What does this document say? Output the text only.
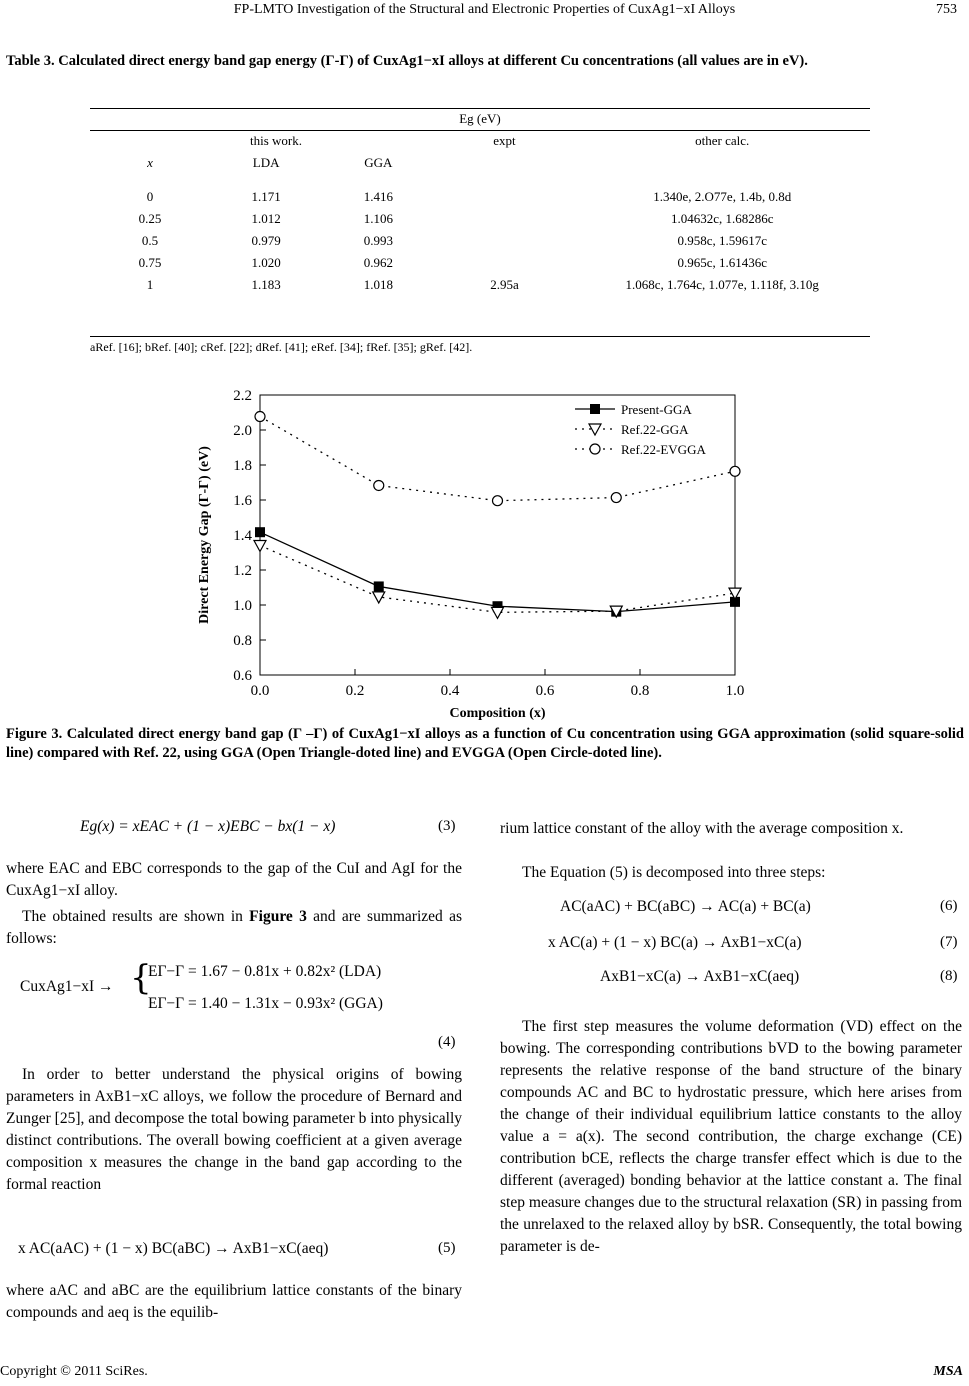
FP-LMTO Investigation of the Structural and Electronic Properties of CuxAg1−xI Alloys	753
Table 3. Calculated direct energy band gap energy (Γ-Γ) of CuxAg1−xI alloys at different Cu concentrations (all values are in eV).
Eg (eV)				
	this work.		expt	other calc.
x	LDA	GGA		

0	1.171	1.416		1.340e, 2.O77e, 1.4b, 0.8d
0.25	1.012	1.106		1.04632c, 1.68286c
0.5	0.979	0.993		0.958c, 1.59617c
0.75	1.020	0.962		0.965c, 1.61436c
1	1.183	1.018	2.95a	1.068c, 1.764c, 1.077e, 1.118f, 3.10g
aRef. [16]; bRef. [40]; cRef. [22]; dRef. [41]; eRef. [34]; fRef. [35]; gRef. [42].
0.0	0.2	0.4	0.6	0.8	1.0
0.6
0.8
1.0
1.2
1.4
1.6
1.8
2.0
2.2
Composition (x)
Direct Energy Gap (Γ-Γ) (eV)
Present-GGA
Ref.22-GGA
Ref.22-EVGGA
Figure 3. Calculated direct energy band gap (Γ –Γ) of CuxAg1−xI alloys as a function of Cu concentration using GGA approximation (solid square-solid line) compared with Ref. 22, using GGA (Open Triangle-doted line) and EVGGA (Open Circle-doted line).
Eg(x) = xEAC + (1 − x)EBC − bx(1 − x)	(3)
where EAC and EBC corresponds to the gap of the CuI and AgI for the CuxAg1−xI alloy.
The obtained results are shown in Figure 3 and are summarized as follows:
CuxAg1−xI → {
EΓ−Γ = 1.67 − 0.81x + 0.82x² (LDA)
EΓ−Γ = 1.40 − 1.31x − 0.93x² (GGA)
(4)
In order to better understand the physical origins of bowing parameters in AxB1−xC alloys, we follow the procedure of Bernard and Zunger [25], and decompose the total bowing parameter b into physically distinct contributions. The overall bowing coefficient at a given average composition x measures the change in the band gap according to the formal reaction
x AC(aAC) + (1 − x) BC(aBC) → AxB1−xC(aeq)	(5)
where aAC and aBC are the equilibrium lattice constants of the binary compounds and aeq is the equilib-
rium lattice constant of the alloy with the average composition x.
The Equation (5) is decomposed into three steps:
AC(aAC) + BC(aBC) → AC(a) + BC(a)	(6)
x AC(a) + (1 − x) BC(a) → AxB1−xC(a)	(7)
AxB1−xC(a) → AxB1−xC(aeq)	(8)
The first step measures the volume deformation (VD) effect on the bowing. The corresponding contributions bVD to the bowing parameter represents the relative response of the band structure of the binary compounds AC and BC to hydrostatic pressure, which here arises from the change of their individual equilibrium lattice constants to the alloy value a = a(x). The second contribution, the charge exchange (CE) contribution bCE, reflects the charge transfer effect which is due to the different (averaged) bonding behavior at the lattice constant a. The final step measure changes due to the structural relaxation (SR) in passing from the unrelaxed to the relaxed alloy by bSR. Consequently, the total bowing parameter is de-
Copyright © 2011 SciRes.	MSA
